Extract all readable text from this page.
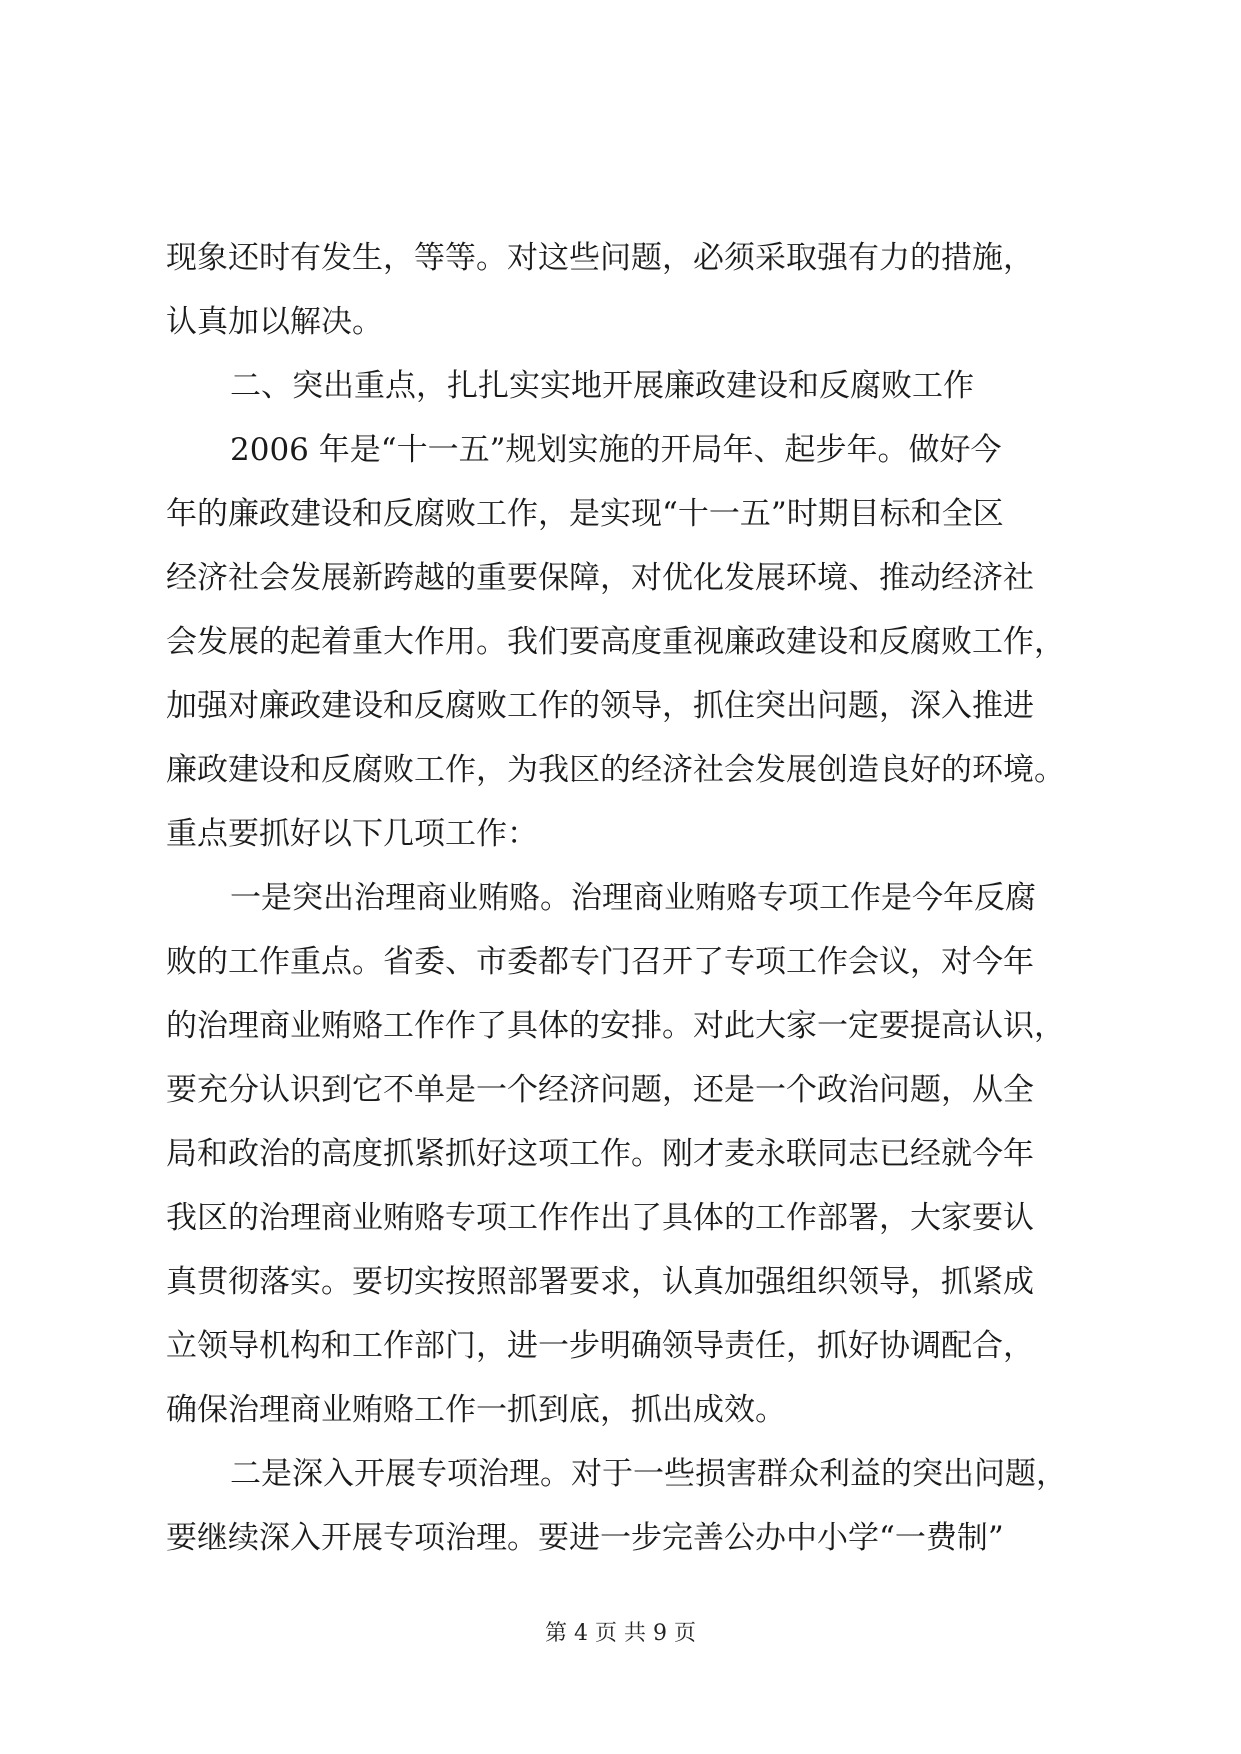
现象还时有发生，等等。对这些问题，必须采取强有力的措施，
认真加以解决。
二、突出重点，扎扎实实地开展廉政建设和反腐败工作
2006 年是“十一五”规划实施的开局年、起步年。做好今
年的廉政建设和反腐败工作，是实现“十一五”时期目标和全区
经济社会发展新跨越的重要保障，对优化发展环境、推动经济社
会发展的起着重大作用。我们要高度重视廉政建设和反腐败工作，
加强对廉政建设和反腐败工作的领导，抓住突出问题，深入推进
廉政建设和反腐败工作，为我区的经济社会发展创造良好的环境。
重点要抓好以下几项工作：
一是突出治理商业贿赂。治理商业贿赂专项工作是今年反腐
败的工作重点。省委、市委都专门召开了专项工作会议，对今年
的治理商业贿赂工作作了具体的安排。对此大家一定要提高认识，
要充分认识到它不单是一个经济问题，还是一个政治问题，从全
局和政治的高度抓紧抓好这项工作。刚才麦永联同志已经就今年
我区的治理商业贿赂专项工作作出了具体的工作部署，大家要认
真贯彻落实。要切实按照部署要求，认真加强组织领导，抓紧成
立领导机构和工作部门，进一步明确领导责任，抓好协调配合，
确保治理商业贿赂工作一抓到底，抓出成效。
二是深入开展专项治理。对于一些损害群众利益的突出问题，
要继续深入开展专项治理。要进一步完善公办中小学“一费制”
第 4 页 共 9 页
